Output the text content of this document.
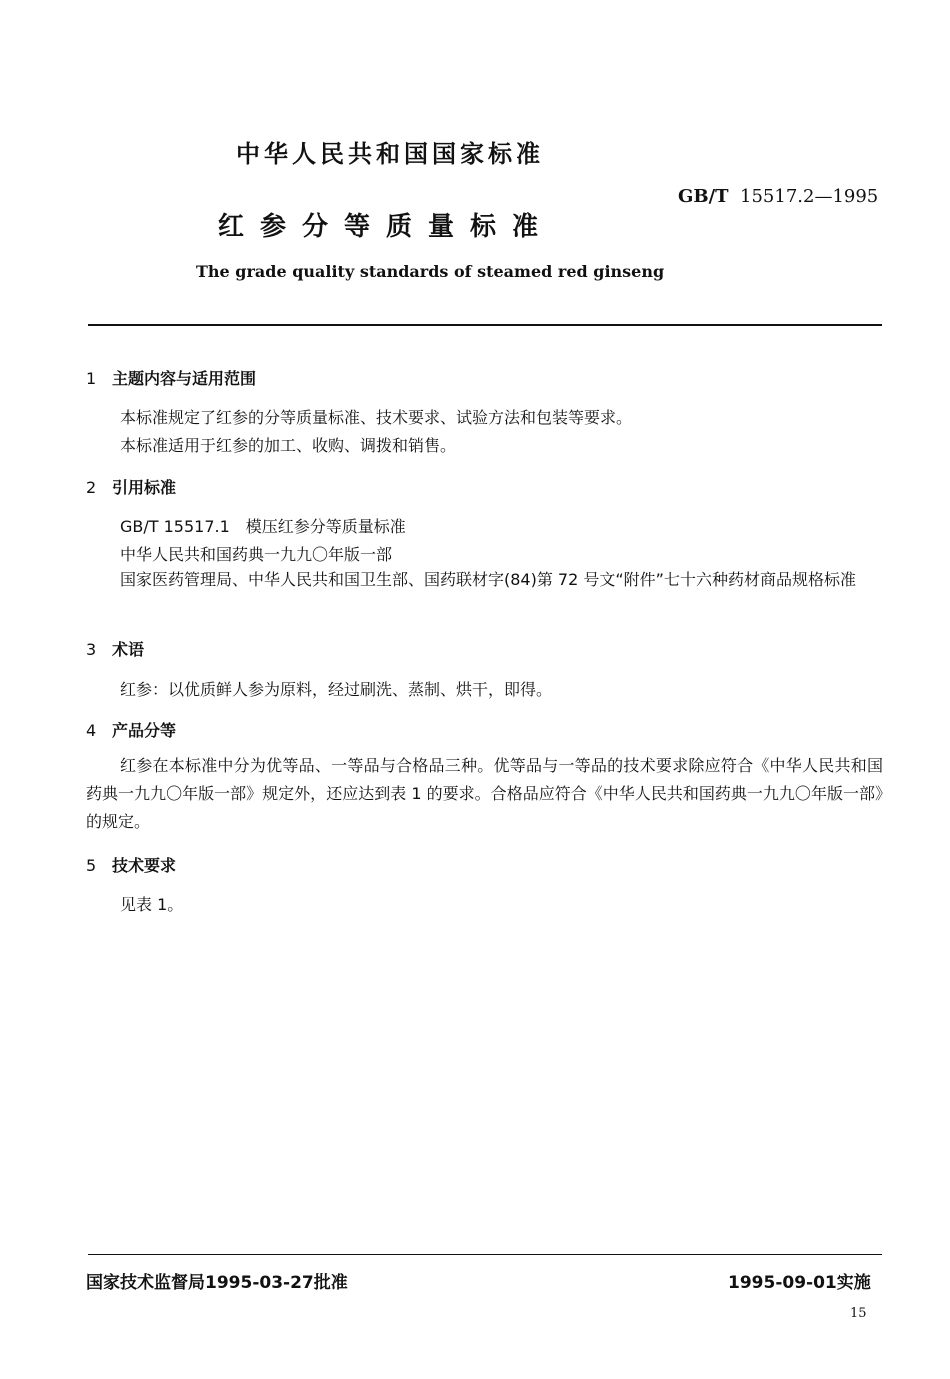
中华人民共和国国家标准
GB/T 15517.2—1995
红参分等质量标准
The grade quality standards of steamed red ginseng
1 主题内容与适用范围
本标准规定了红参的分等质量标准、技术要求、试验方法和包装等要求。
本标准适用于红参的加工、收购、调拨和销售。
2 引用标准
GB/T 15517.1　模压红参分等质量标准
中华人民共和国药典一九九〇年版一部
国家医药管理局、中华人民共和国卫生部、国药联材字(84)第 72 号文“附件”七十六种药材商品规格标准
3 术语
红参：以优质鲜人参为原料，经过刷洗、蒸制、烘干，即得。
4 产品分等
红参在本标准中分为优等品、一等品与合格品三种。优等品与一等品的技术要求除应符合《中华人民共和国药典一九九〇年版一部》规定外，还应达到表 1 的要求。合格品应符合《中华人民共和国药典一九九〇年版一部》的规定。
5 技术要求
见表 1。
国家技术监督局1995-03-27批准	1995-09-01实施
15
